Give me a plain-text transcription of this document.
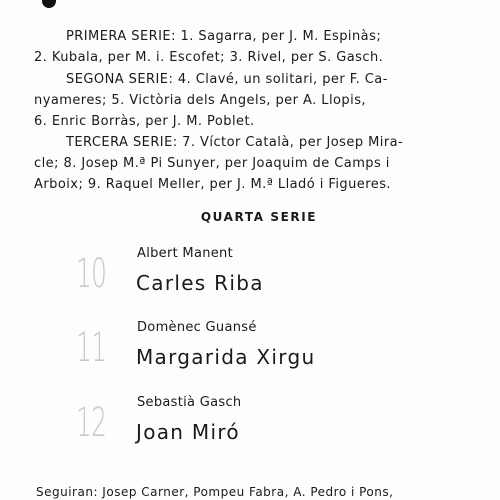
PRIMERA SERIE: 1. Sagarra, per J. M. Espinàs;
2. Kubala, per M. i. Escofet; 3. Rivel, per S. Gasch.

SEGONA SERIE: 4. Clavé, un solitari, per F. Ca-
nyameres; 5. Victòria dels Angels, per A. Llopis,
6. Enric Borràs, per J. M. Poblet.

TERCERA SERIE: 7. Víctor Català, per Josep Mira-
cle; 8. Josep M.ª Pi Sunyer, per Joaquim de Camps i
Arboix; 9. Raquel Meller, per J. M.ª Lladó i Figueres.

QUARTA SERIE
10 Albert Manent
Carles Riba
11 Domènec Guansé
Margarida Xirgu
12 Sebastià Gasch
Joan Miró

Seguiran: Josep Carner, Pompeu Fabra, A. Pedro i Pons,
